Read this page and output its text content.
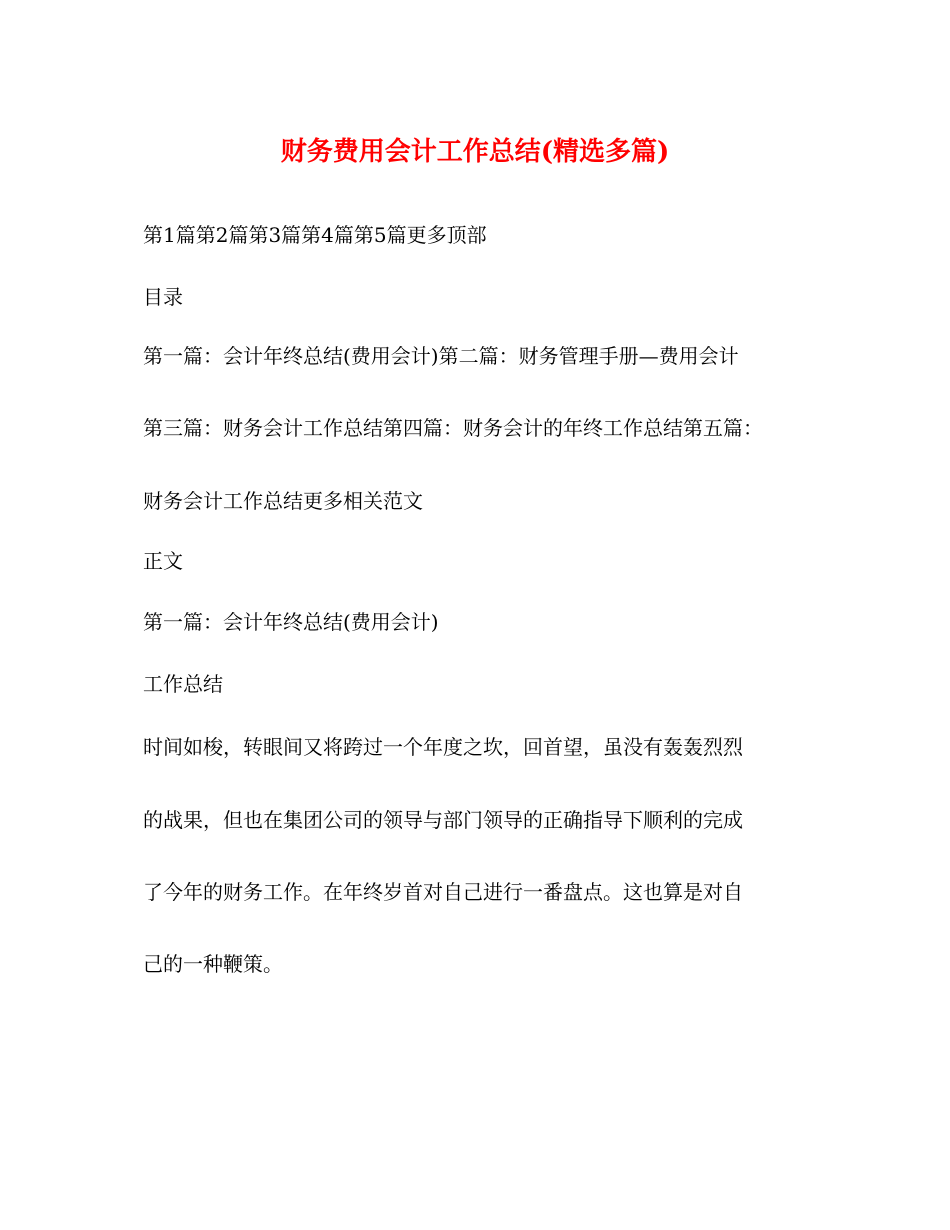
财务费用会计工作总结(精选多篇)

第1篇第2篇第3篇第4篇第5篇更多顶部

目录

第一篇：会计年终总结(费用会计)第二篇：财务管理手册—费用会计

第三篇：财务会计工作总结第四篇：财务会计的年终工作总结第五篇：

财务会计工作总结更多相关范文

正文

第一篇：会计年终总结(费用会计)

工作总结

时间如梭，转眼间又将跨过一个年度之坎，回首望，虽没有轰轰烈烈

的战果，但也在集团公司的领导与部门领导的正确指导下顺利的完成

了今年的财务工作。在年终岁首对自己进行一番盘点。这也算是对自

己的一种鞭策。
